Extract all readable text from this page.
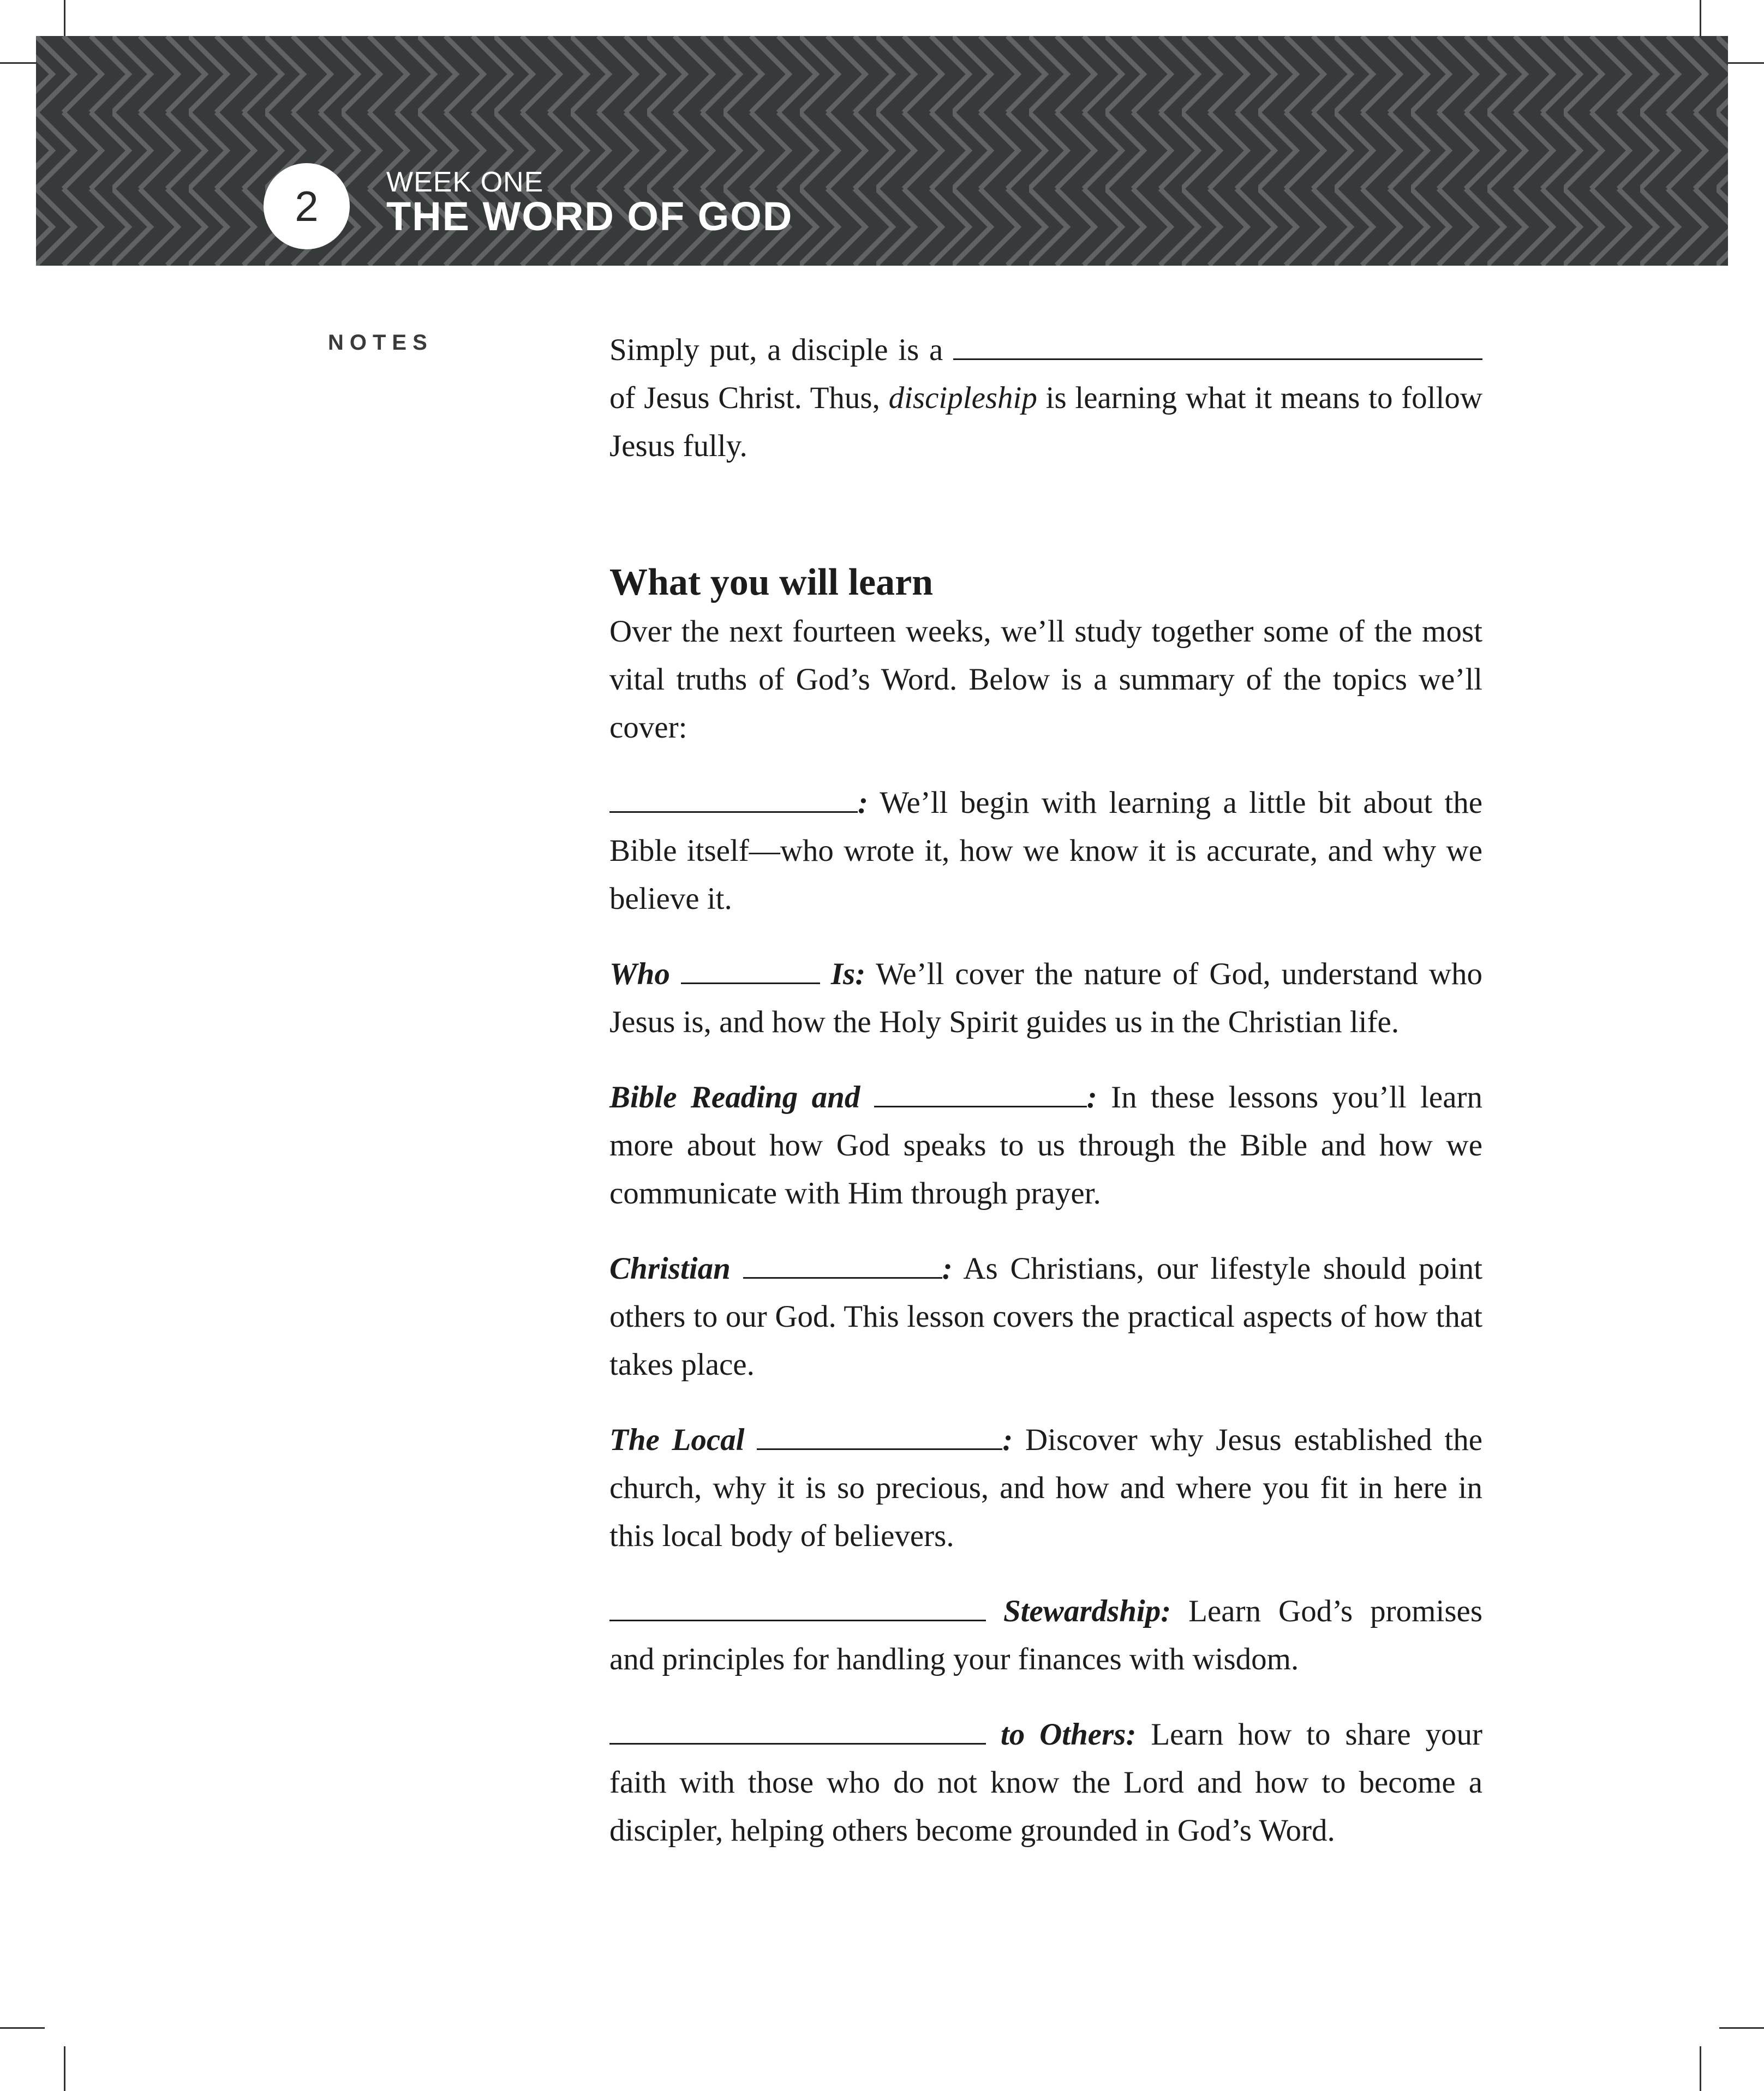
2	WEEK ONE
THE WORD OF GOD
NOTES	Simply put, a disciple is a  of Jesus Christ. Thus, discipleship is learning what it means to follow Jesus fully.

What you will learn

Over the next fourteen weeks, we’ll study together some of the most vital truths of God’s Word. Below is a summary of the topics we’ll cover:

: We’ll begin with learning a little bit about the Bible itself—who wrote it, how we know it is accurate, and why we believe it.

Who	Is: We’ll cover the nature of God, understand who Jesus is, and how the Holy Spirit guides us in the Christian life.

Bible Reading and	: In these lessons you’ll learn more about how God speaks to us through the Bible and how we communicate with Him through prayer.

Christian	: As Christians, our lifestyle should point others to our God. This lesson covers the practical aspects of how that takes place.

The Local	: Discover why Jesus established the church, why it is so precious, and how and where you fit in here in this local body of believers.

Stewardship: Learn God’s promises and principles for handling your finances with wisdom.

to Others: Learn how to share your faith with those who do not know the Lord and how to become a discipler, helping others become grounded in God’s Word.
